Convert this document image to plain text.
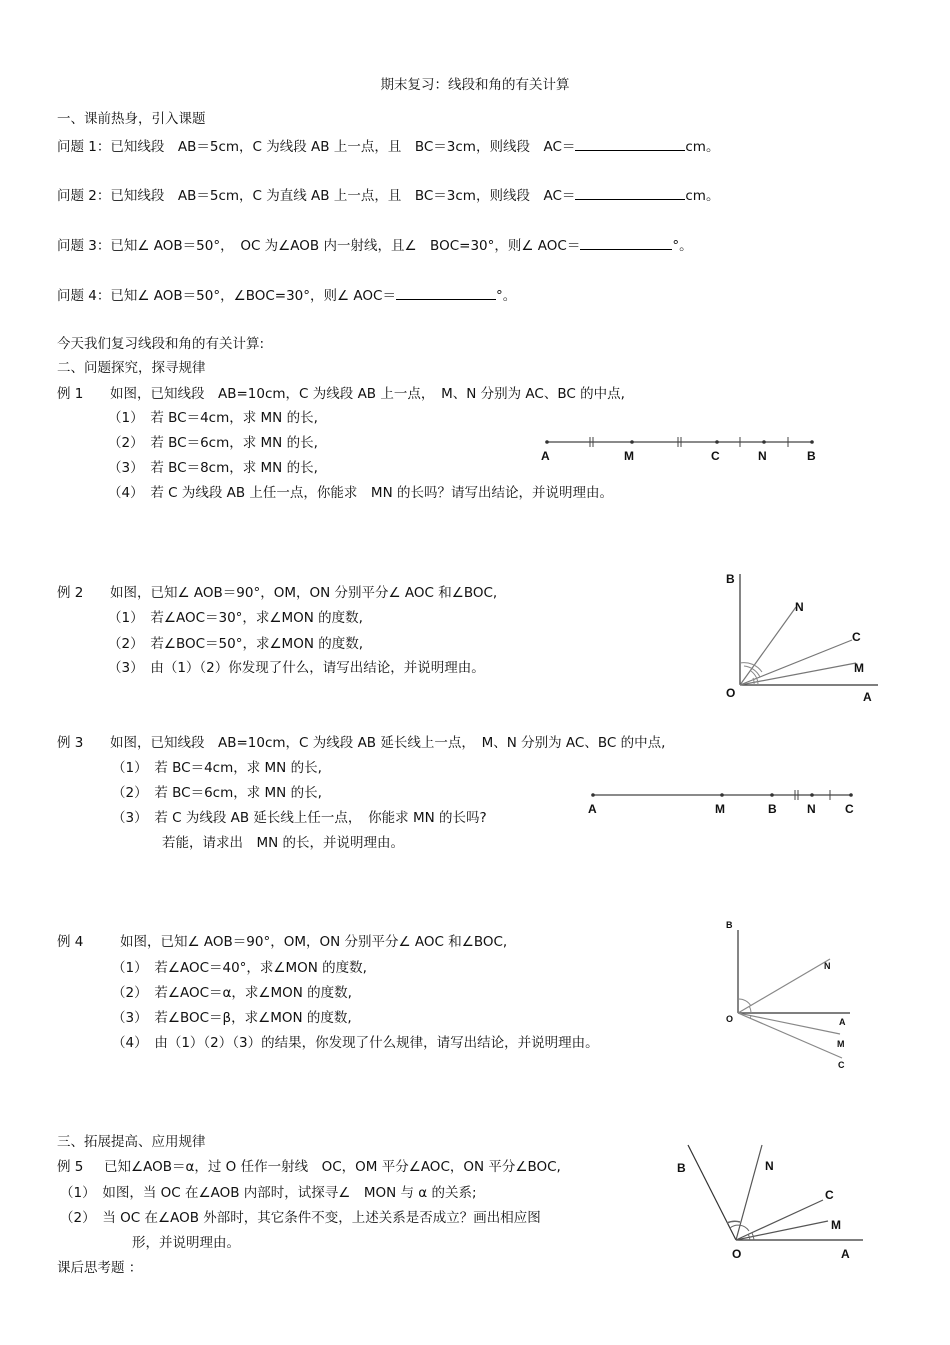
期末复习：线段和角的有关计算
一、课前热身，引入课题
问题 1：已知线段　AB＝5cm，C 为线段 AB 上一点，且　BC＝3cm，则线段　AC＝	cm。
问题 2：已知线段　AB＝5cm，C 为直线 AB 上一点，且　BC＝3cm，则线段　AC＝	cm。
问题 3：已知∠ AOB＝50°，　OC 为∠AOB 内一射线，且∠　BOC=30°，则∠ AOC＝	°。
问题 4：已知∠ AOB＝50°，∠BOC=30°，则∠ AOC＝	°。
今天我们复习线段和角的有关计算:
二、问题探究，探寻规律
例 1 如图，已知线段　AB=10cm，C 为线段 AB 上一点，　M、N 分别为 AC、BC 的中点,
（1）　若 BC＝4cm，求 MN 的长,
（2）　若 BC＝6cm，求 MN 的长,
（3）　若 BC＝8cm，求 MN 的长,
（4）　若 C 为线段 AB 上任一点，你能求　MN 的长吗？请写出结论，并说明理由。
A	M	C	N	B
例 2 如图，已知∠ AOB＝90°，OM，ON 分别平分∠ AOC 和∠BOC,
（1）　若∠AOC＝30°，求∠MON 的度数,
（2）　若∠BOC＝50°，求∠MON 的度数,
（3）　由（1）（2）你发现了什么，请写出结论，并说明理由。
B
N
C
M
O	A
例 3 如图，已知线段　AB=10cm，C 为线段 AB 延长线上一点，　M、N 分别为 AC、BC 的中点,
（1）　若 BC＝4cm，求 MN 的长,
（2）　若 BC＝6cm，求 MN 的长,
（3）　若 C 为线段 AB 延长线上任一点，　你能求 MN 的长吗?
若能，请求出　MN 的长，并说明理由。
A	M	B	N C
例 4	如图，已知∠ AOB＝90°，OM，ON 分别平分∠ AOC 和∠BOC,
（1）　若∠AOC＝40°，求∠MON 的度数,
（2）　若∠AOC＝α，求∠MON 的度数,
（3）　若∠BOC＝β，求∠MON 的度数,
（4）　由（1）（2）（3）的结果，你发现了什么规律，请写出结论，并说明理由。
B
N
O	A
M
C
三、拓展提高、应用规律
例 5 已知∠AOB＝α，过 O 任作一射线　OC，OM 平分∠AOC，ON 平分∠BOC,
（1）　如图，当 OC 在∠AOB 内部时，试探寻∠　MON 与 α 的关系;
（2）　当 OC 在∠AOB 外部时，其它条件不变，上述关系是否成立？画出相应图
形，并说明理由。
课后思考题 ：
B	N
C
M
O	A
